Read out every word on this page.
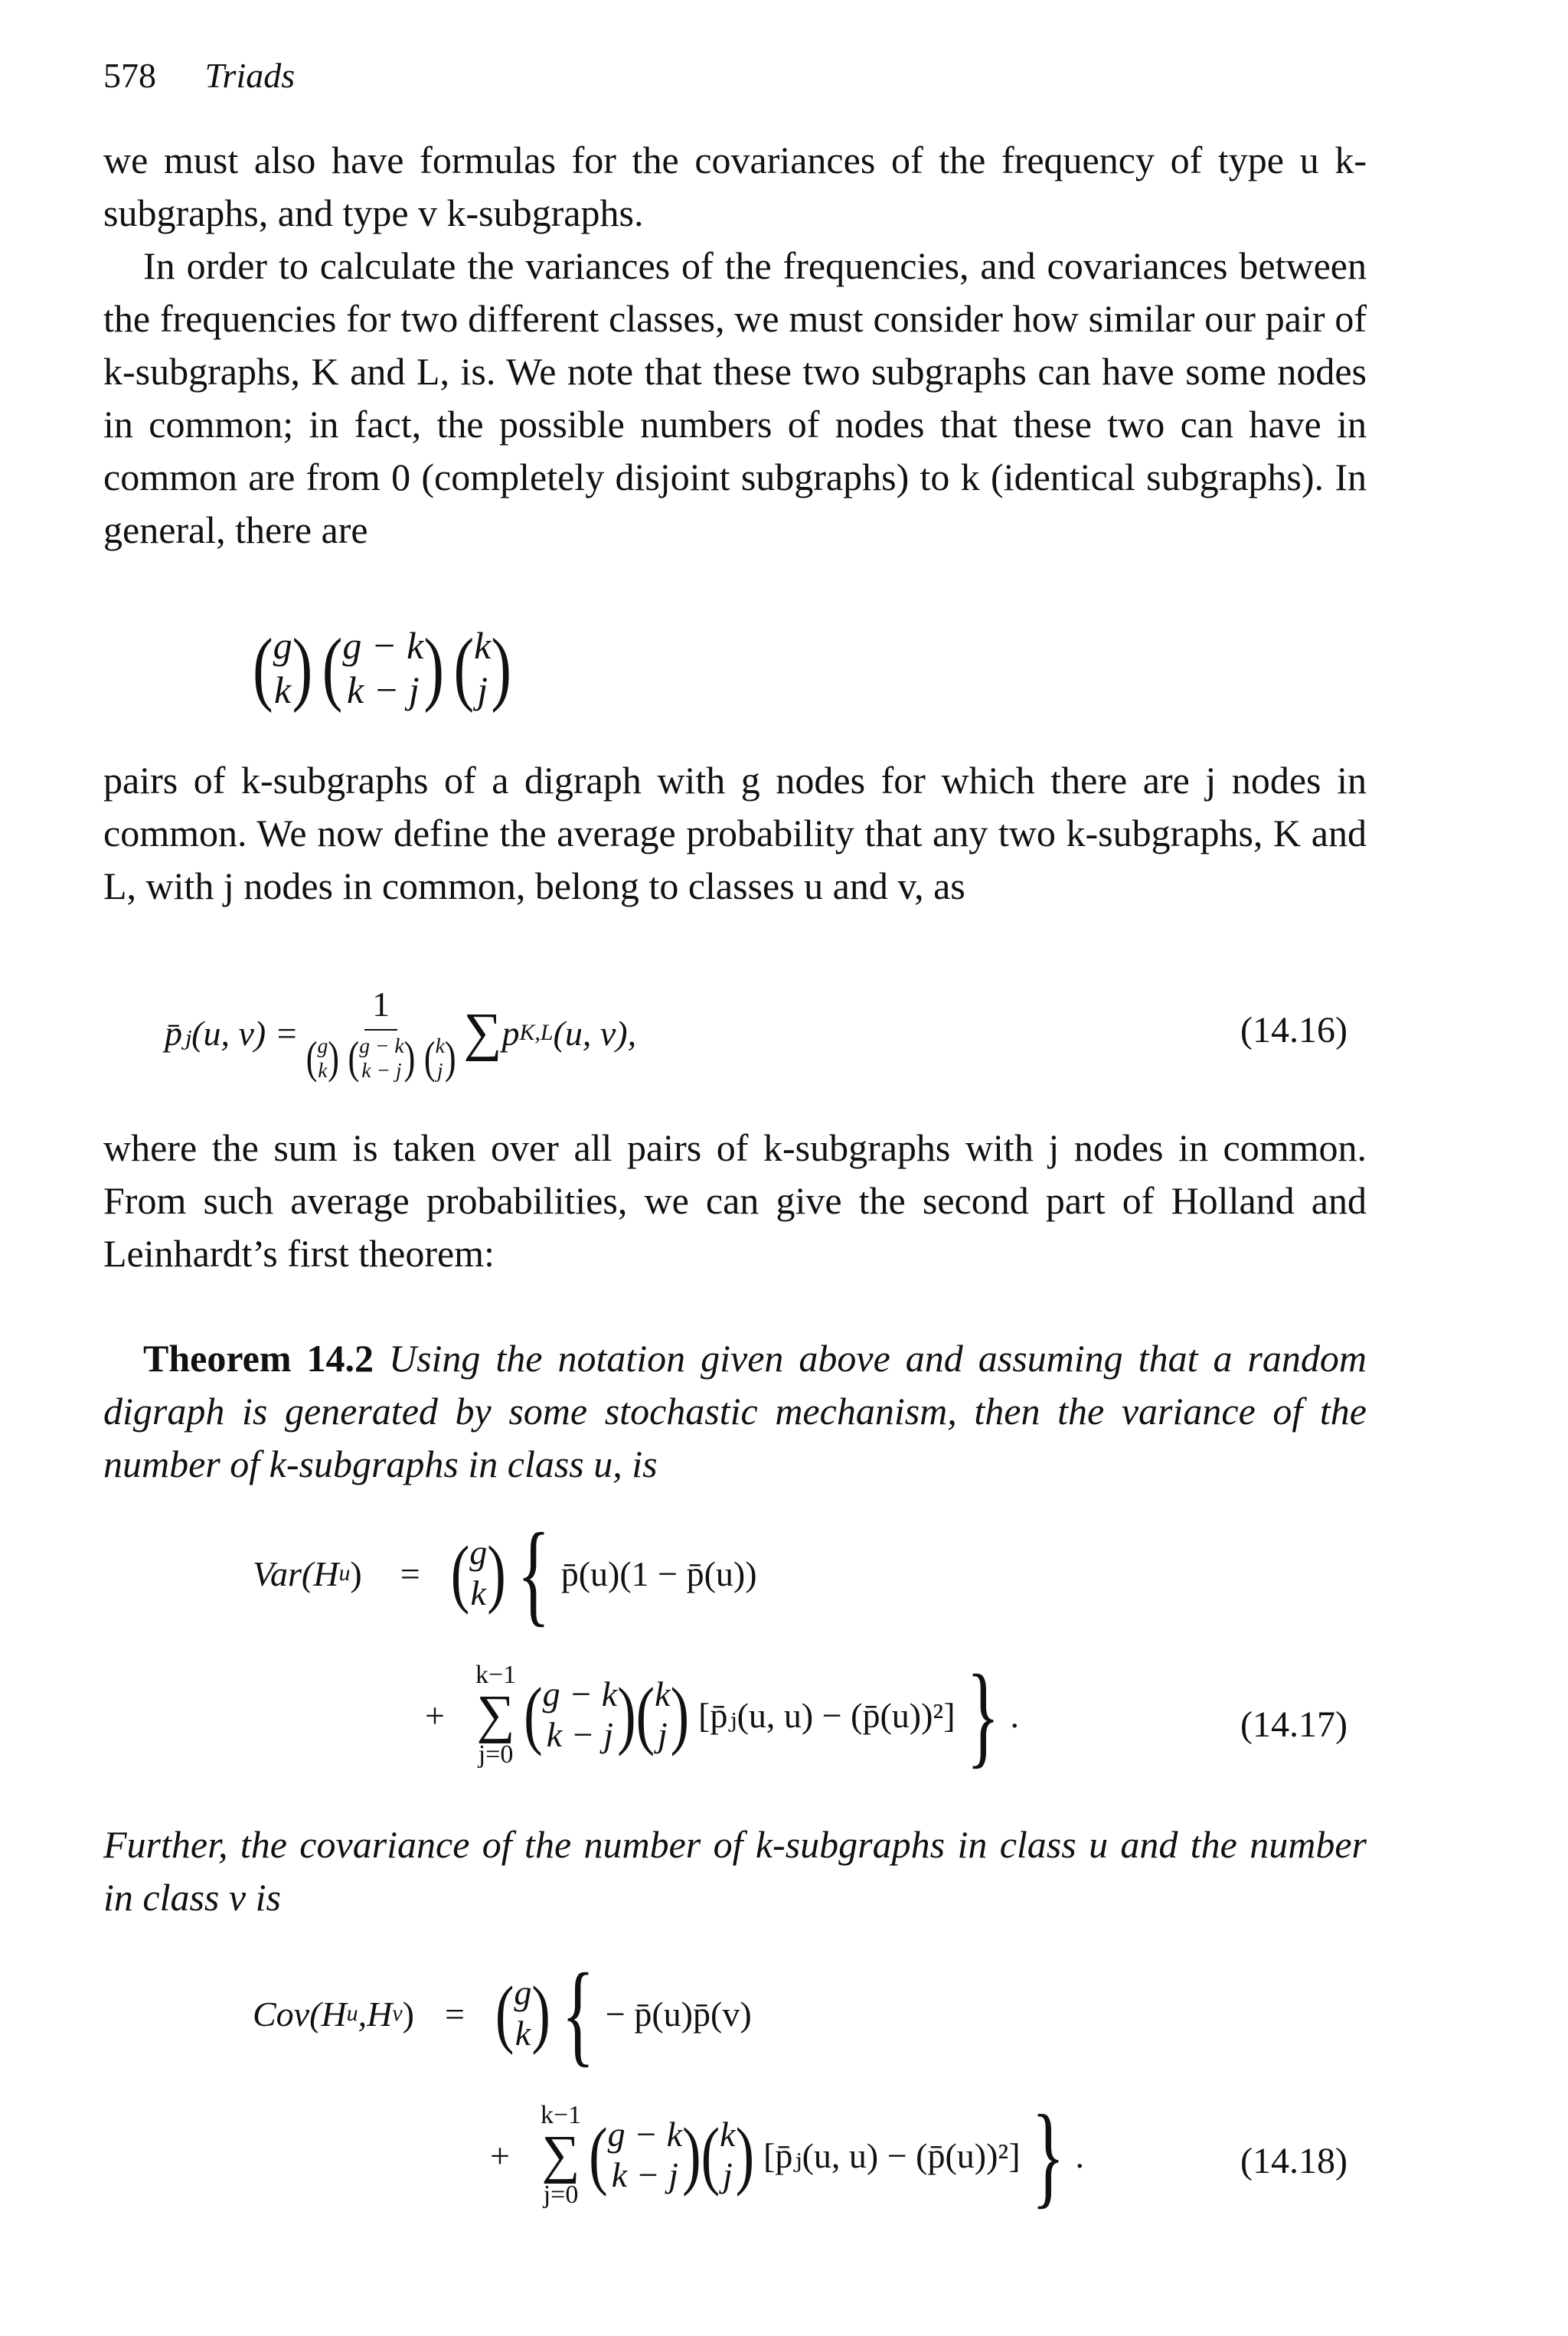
578 Triads

we must also have formulas for the covariances of the frequency of type u k-subgraphs, and type v k-subgraphs.

In order to calculate the variances of the frequencies, and covariances between the frequencies for two different classes, we must consider how similar our pair of k-subgraphs, K and L, is. We note that these two subgraphs can have some nodes in common; in fact, the possible numbers of nodes that these two can have in common are from 0 (completely disjoint subgraphs) to k (identical subgraphs). In general, there are

( g
k )
( g − k
k − j )
( k
j )

pairs of k-subgraphs of a digraph with g nodes for which there are j nodes in common. We now define the average probability that any two k-subgraphs, K and L, with j nodes in common, belong to classes u and v, as

p̄ⱼ(u, v) = 1
( g
k )
( g − k
k − j )
( k
j ) ∑ p K,L (u, v),	(14.16)

where the sum is taken over all pairs of k-subgraphs with j nodes in common. From such average probabilities, we can give the second part of Holland and Leinhardt’s first theorem:

Theorem 14.2 Using the notation given above and assuming that a random digraph is generated by some stochastic mechanism, then the variance of the number of k-subgraphs in class u, is

Var(H u ) = ( g
k ) { p̄(u)(1 − p̄(u))
+
k−1
∑
j=0 ( g − k
k − j ) ( k
j ) [p̄ⱼ(u, u) − (p̄(u))²] } .	(14.17)

Further, the covariance of the number of k-subgraphs in class u and the number in class v is

Cov(H u ,H v ) = ( g
k ) { − p̄(u)p̄(v)
+
k−1
∑
j=0 ( g − k
k − j ) ( k
j ) [p̄ⱼ(u, u) − (p̄(u))²] } .	(14.18)
